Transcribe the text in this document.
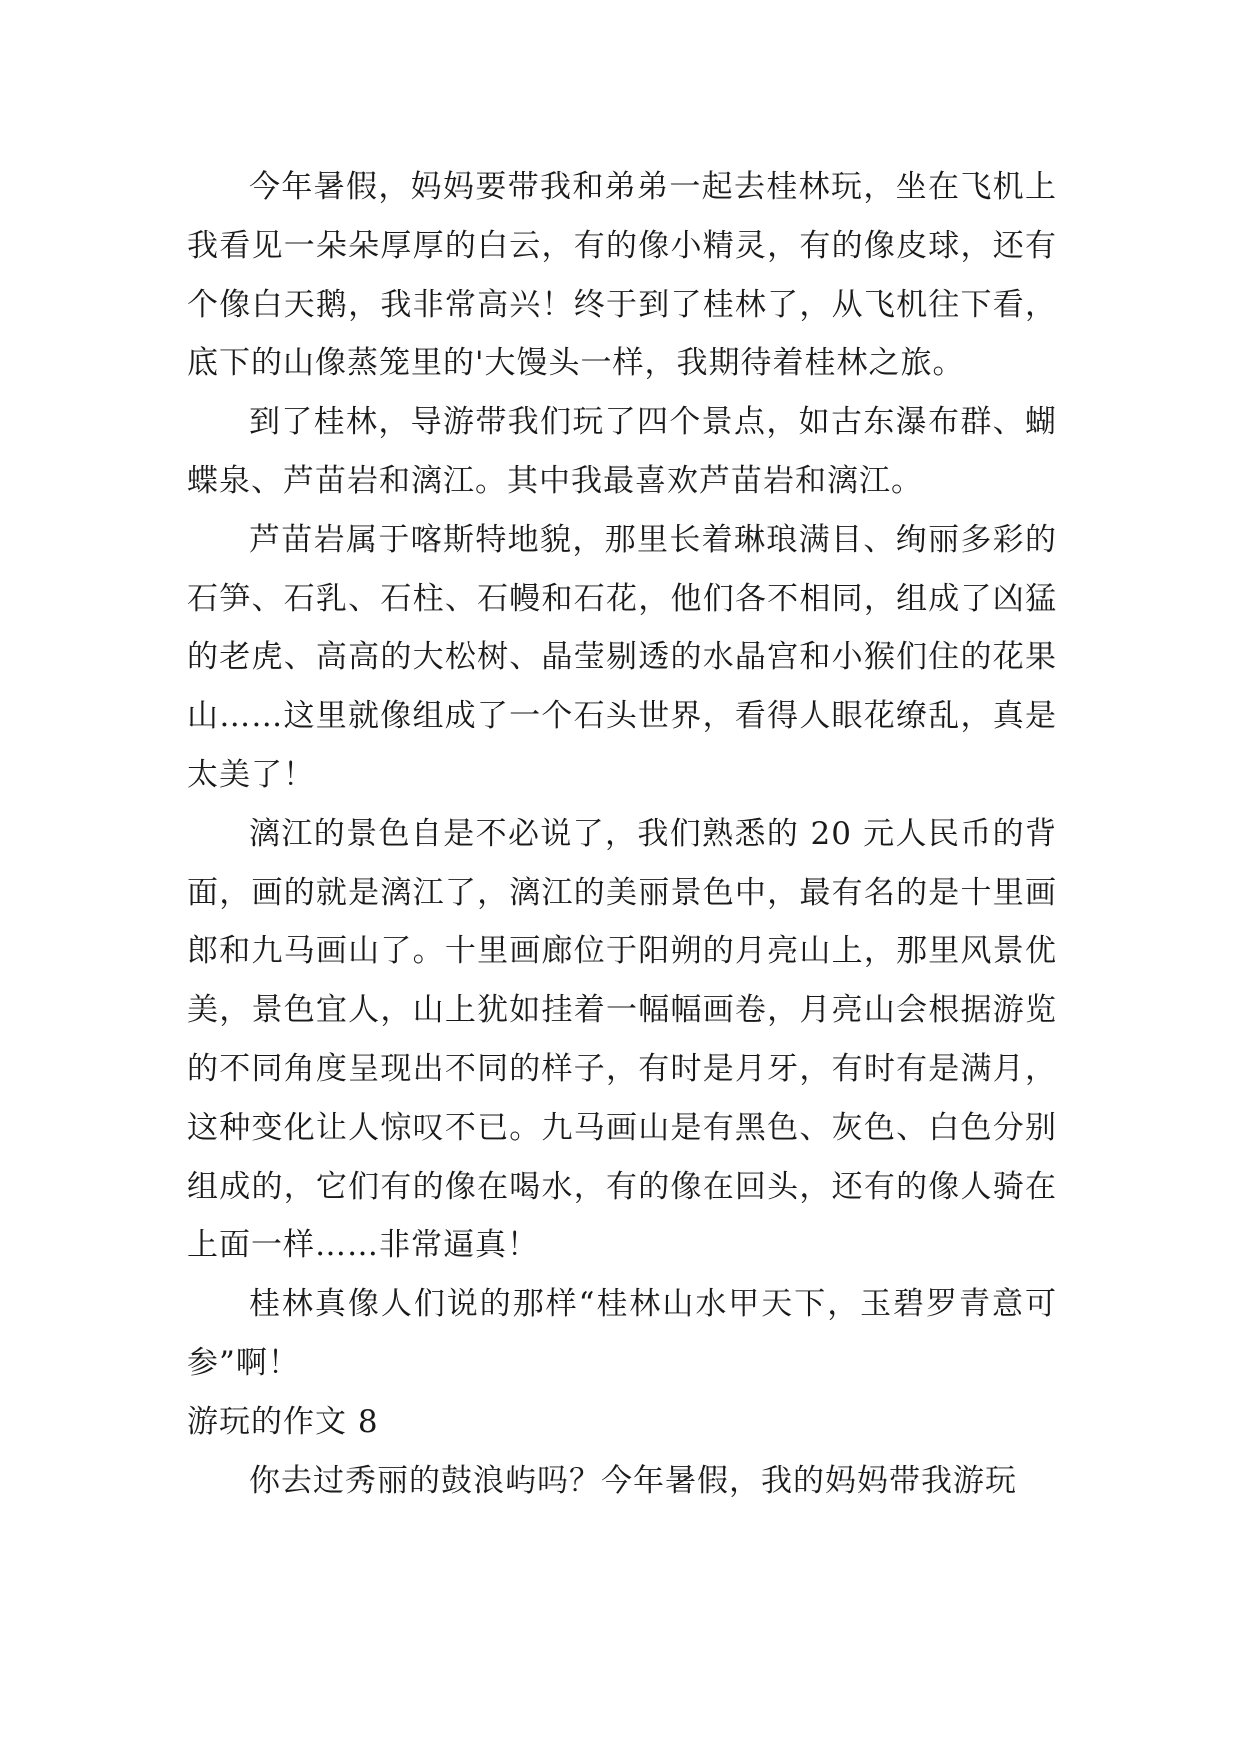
今年暑假，妈妈要带我和弟弟一起去桂林玩，坐在飞机上我看见一朵朵厚厚的白云，有的像小精灵，有的像皮球，还有个像白天鹅，我非常高兴！终于到了桂林了，从飞机往下看，底下的山像蒸笼里的'大馒头一样，我期待着桂林之旅。

到了桂林，导游带我们玩了四个景点，如古东瀑布群、蝴蝶泉、芦苗岩和漓江。其中我最喜欢芦苗岩和漓江。

芦苗岩属于喀斯特地貌，那里长着琳琅满目、绚丽多彩的石笋、石乳、石柱、石幔和石花，他们各不相同，组成了凶猛的老虎、高高的大松树、晶莹剔透的水晶宫和小猴们住的花果山……这里就像组成了一个石头世界，看得人眼花缭乱，真是太美了！

漓江的景色自是不必说了，我们熟悉的 20 元人民币的背面，画的就是漓江了，漓江的美丽景色中，最有名的是十里画郎和九马画山了。十里画廊位于阳朔的月亮山上，那里风景优美，景色宜人，山上犹如挂着一幅幅画卷，月亮山会根据游览的不同角度呈现出不同的样子，有时是月牙，有时有是满月，这种变化让人惊叹不已。九马画山是有黑色、灰色、白色分别组成的，它们有的像在喝水，有的像在回头，还有的像人骑在上面一样……非常逼真！

桂林真像人们说的那样“桂林山水甲天下，玉碧罗青意可参”啊！

游玩的作文 8

你去过秀丽的鼓浪屿吗？今年暑假，我的妈妈带我游玩
